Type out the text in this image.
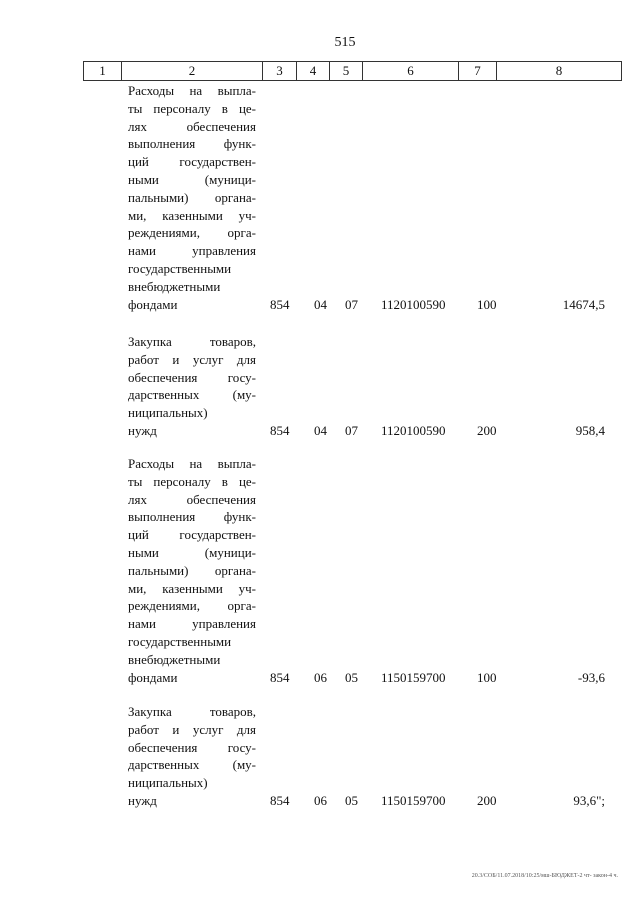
515
1	2	3	4	5	6	7	8
Расходы на выпла-
ты персоналу в це-
лях обеспечения
выполнения функ-
ций государствен-
ными (муници-
пальными) органа-
ми, казенными уч-
реждениями, орга-
нами управления
государственными
внебюджетными
фондами	854 04 07 1120100590 100	14674,5
Закупка товаров,
работ и услуг для
обеспечения госу-
дарственных (му-
ниципальных)
нужд	854 04 07 1120100590 200	958,4
Расходы на выпла-
ты персоналу в це-
лях обеспечения
выполнения функ-
ций государствен-
ными (муници-
пальными) органа-
ми, казенными уч-
реждениями, орга-
нами управления
государственными
внебюджетными
фондами	854 06 05 1150159700 100	-93,6
Закупка товаров,
работ и услуг для
обеспечения госу-
дарственных (му-
ниципальных)
нужд	854 06 05 1150159700 200	93,6";
20.3/СОБ/11.07.2018/10:25/мш-БЮДЖЕТ-2 чт- закон-4 ч.
